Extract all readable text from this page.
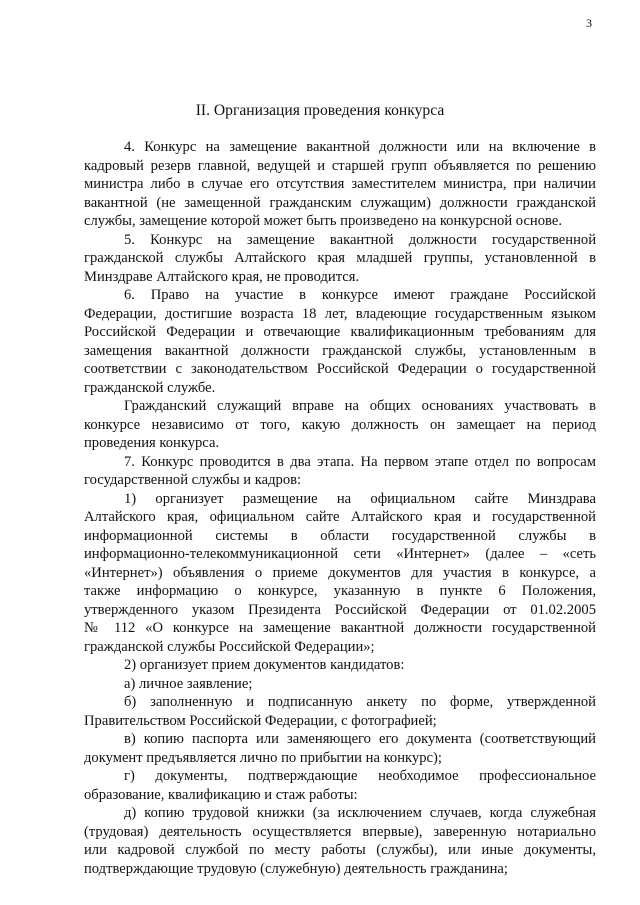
3
II. Организация проведения конкурса

4. Конкурс на замещение вакантной должности или на включение в
кадровый резерв главной, ведущей и старшей групп объявляется по решению
министра либо в случае его отсутствия заместителем министра, при наличии
вакантной (не замещенной гражданским служащим) должности гражданской
службы, замещение которой может быть произведено на конкурсной основе.

5. Конкурс на замещение вакантной должности государственной
гражданской службы Алтайского края младшей группы, установленной в
Минздраве Алтайского края, не проводится.

6. Право на участие в конкурсе имеют граждане Российской
Федерации, достигшие возраста 18 лет, владеющие государственным языком
Российской Федерации и отвечающие квалификационным требованиям для
замещения вакантной должности гражданской службы, установленным в
соответствии с законодательством Российской Федерации о государственной
гражданской службе.

Гражданский служащий вправе на общих основаниях участвовать в
конкурсе независимо от того, какую должность он замещает на период
проведения конкурса.

7. Конкурс проводится в два этапа. На первом этапе отдел по вопросам
государственной службы и кадров:

1) организует размещение на официальном сайте Минздрава
Алтайского края, официальном сайте Алтайского края и государственной
информационной системы в области государственной службы в
информационно-телекоммуникационной сети «Интернет» (далее – «сеть
«Интернет») объявления о приеме документов для участия в конкурсе, а
также информацию о конкурсе, указанную в пункте 6 Положения,
утвержденного указом Президента Российской Федерации от 01.02.2005
№ 112 «О конкурсе на замещение вакантной должности государственной
гражданской службы Российской Федерации»;

2) организует прием документов кандидатов:

а) личное заявление;

б) заполненную и подписанную анкету по форме, утвержденной
Правительством Российской Федерации, с фотографией;

в) копию паспорта или заменяющего его документа (соответствующий
документ предъявляется лично по прибытии на конкурс);

г) документы, подтверждающие необходимое профессиональное
образование, квалификацию и стаж работы:

д) копию трудовой книжки (за исключением случаев, когда служебная
(трудовая) деятельность осуществляется впервые), заверенную нотариально
или кадровой службой по месту работы (службы), или иные документы,
подтверждающие трудовую (служебную) деятельность гражданина;
